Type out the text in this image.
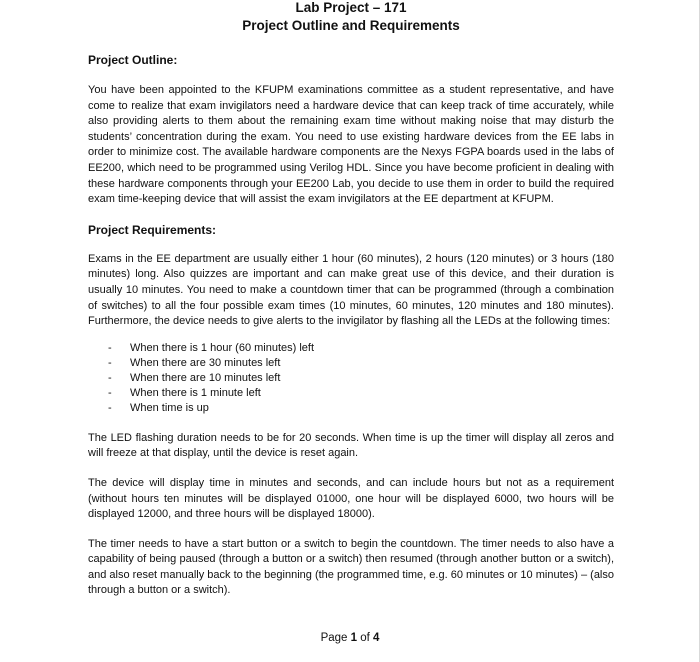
Lab Project – 171

Project Outline and Requirements

Project Outline:

You have been appointed to the KFUPM examinations committee as a student representative, and have come to realize that exam invigilators need a hardware device that can keep track of time accurately, while also providing alerts to them about the remaining exam time without making noise that may disturb the students’ concentration during the exam. You need to use existing hardware devices from the EE labs in order to minimize cost. The available hardware components are the Nexys FGPA boards used in the labs of EE200, which need to be programmed using Verilog HDL. Since you have become proficient in dealing with these hardware components through your EE200 Lab, you decide to use them in order to build the required exam time-keeping device that will assist the exam invigilators at the EE department at KFUPM.

Project Requirements:

Exams in the EE department are usually either 1 hour (60 minutes), 2 hours (120 minutes) or 3 hours (180 minutes) long. Also quizzes are important and can make great use of this device, and their duration is usually 10 minutes. You need to make a countdown timer that can be programmed (through a combination of switches) to all the four possible exam times (10 minutes, 60 minutes, 120 minutes and 180 minutes). Furthermore, the device needs to give alerts to the invigilator by flashing all the LEDs at the following times:

- When there is 1 hour (60 minutes) left
- When there are 30 minutes left
- When there are 10 minutes left
- When there is 1 minute left
- When time is up

The LED flashing duration needs to be for 20 seconds. When time is up the timer will display all zeros and will freeze at that display, until the device is reset again.

The device will display time in minutes and seconds, and can include hours but not as a requirement (without hours ten minutes will be displayed 01000, one hour will be displayed 6000, two hours will be displayed 12000, and three hours will be displayed 18000).

The timer needs to have a start button or a switch to begin the countdown. The timer needs to also have a capability of being paused (through a button or a switch) then resumed (through another button or a switch), and also reset manually back to the beginning (the programmed time, e.g. 60 minutes or 10 minutes) – (also through a button or a switch).

Page 1 of 4
